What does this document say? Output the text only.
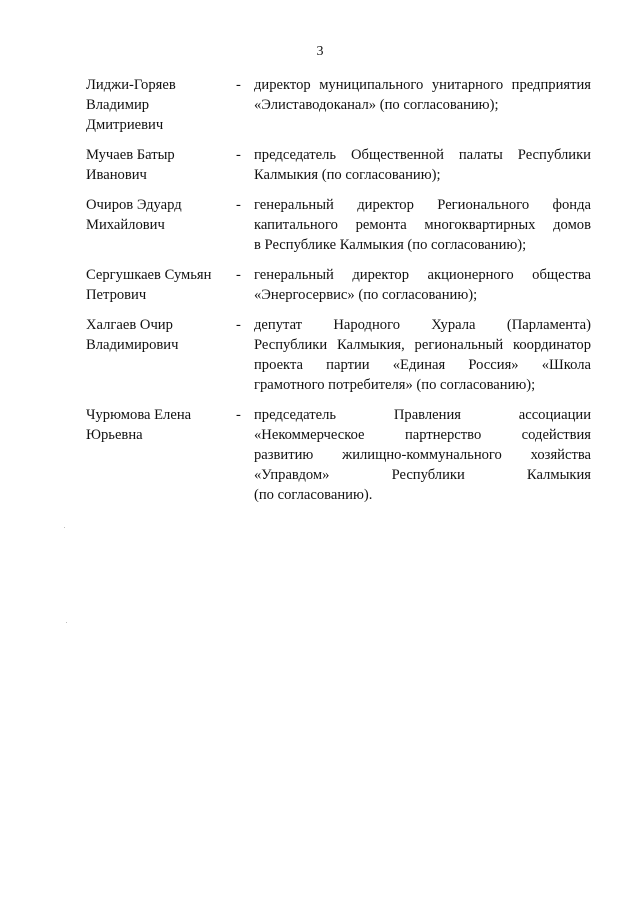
3
Лиджи-Горяев
Владимир
Дмитриевич
- директор муниципального унитарного предприятия
«Элиставодоканал» (по согласованию);
Мучаев Батыр
Иванович
- председатель Общественной палаты Республики
Калмыкия (по согласованию);
Очиров Эдуард
Михайлович
- генеральный директор Регионального фонда
капитального ремонта многоквартирных домов
в Республике Калмыкия (по согласованию);
Сергушкаев Сумьян
Петрович
- генеральный директор акционерного общества
«Энергосервис» (по согласованию);
Халгаев Очир
Владимирович
- депутат Народного Хурала (Парламента)
Республики Калмыкия, региональный координатор
проекта партии «Единая Россия» «Школа
грамотного потребителя» (по согласованию);
Чурюмова Елена
Юрьевна
- председатель Правления ассоциации
«Некоммерческое партнерство содействия
развитию жилищно-коммунального хозяйства
«Управдом» Республики Калмыкия
(по согласованию).
